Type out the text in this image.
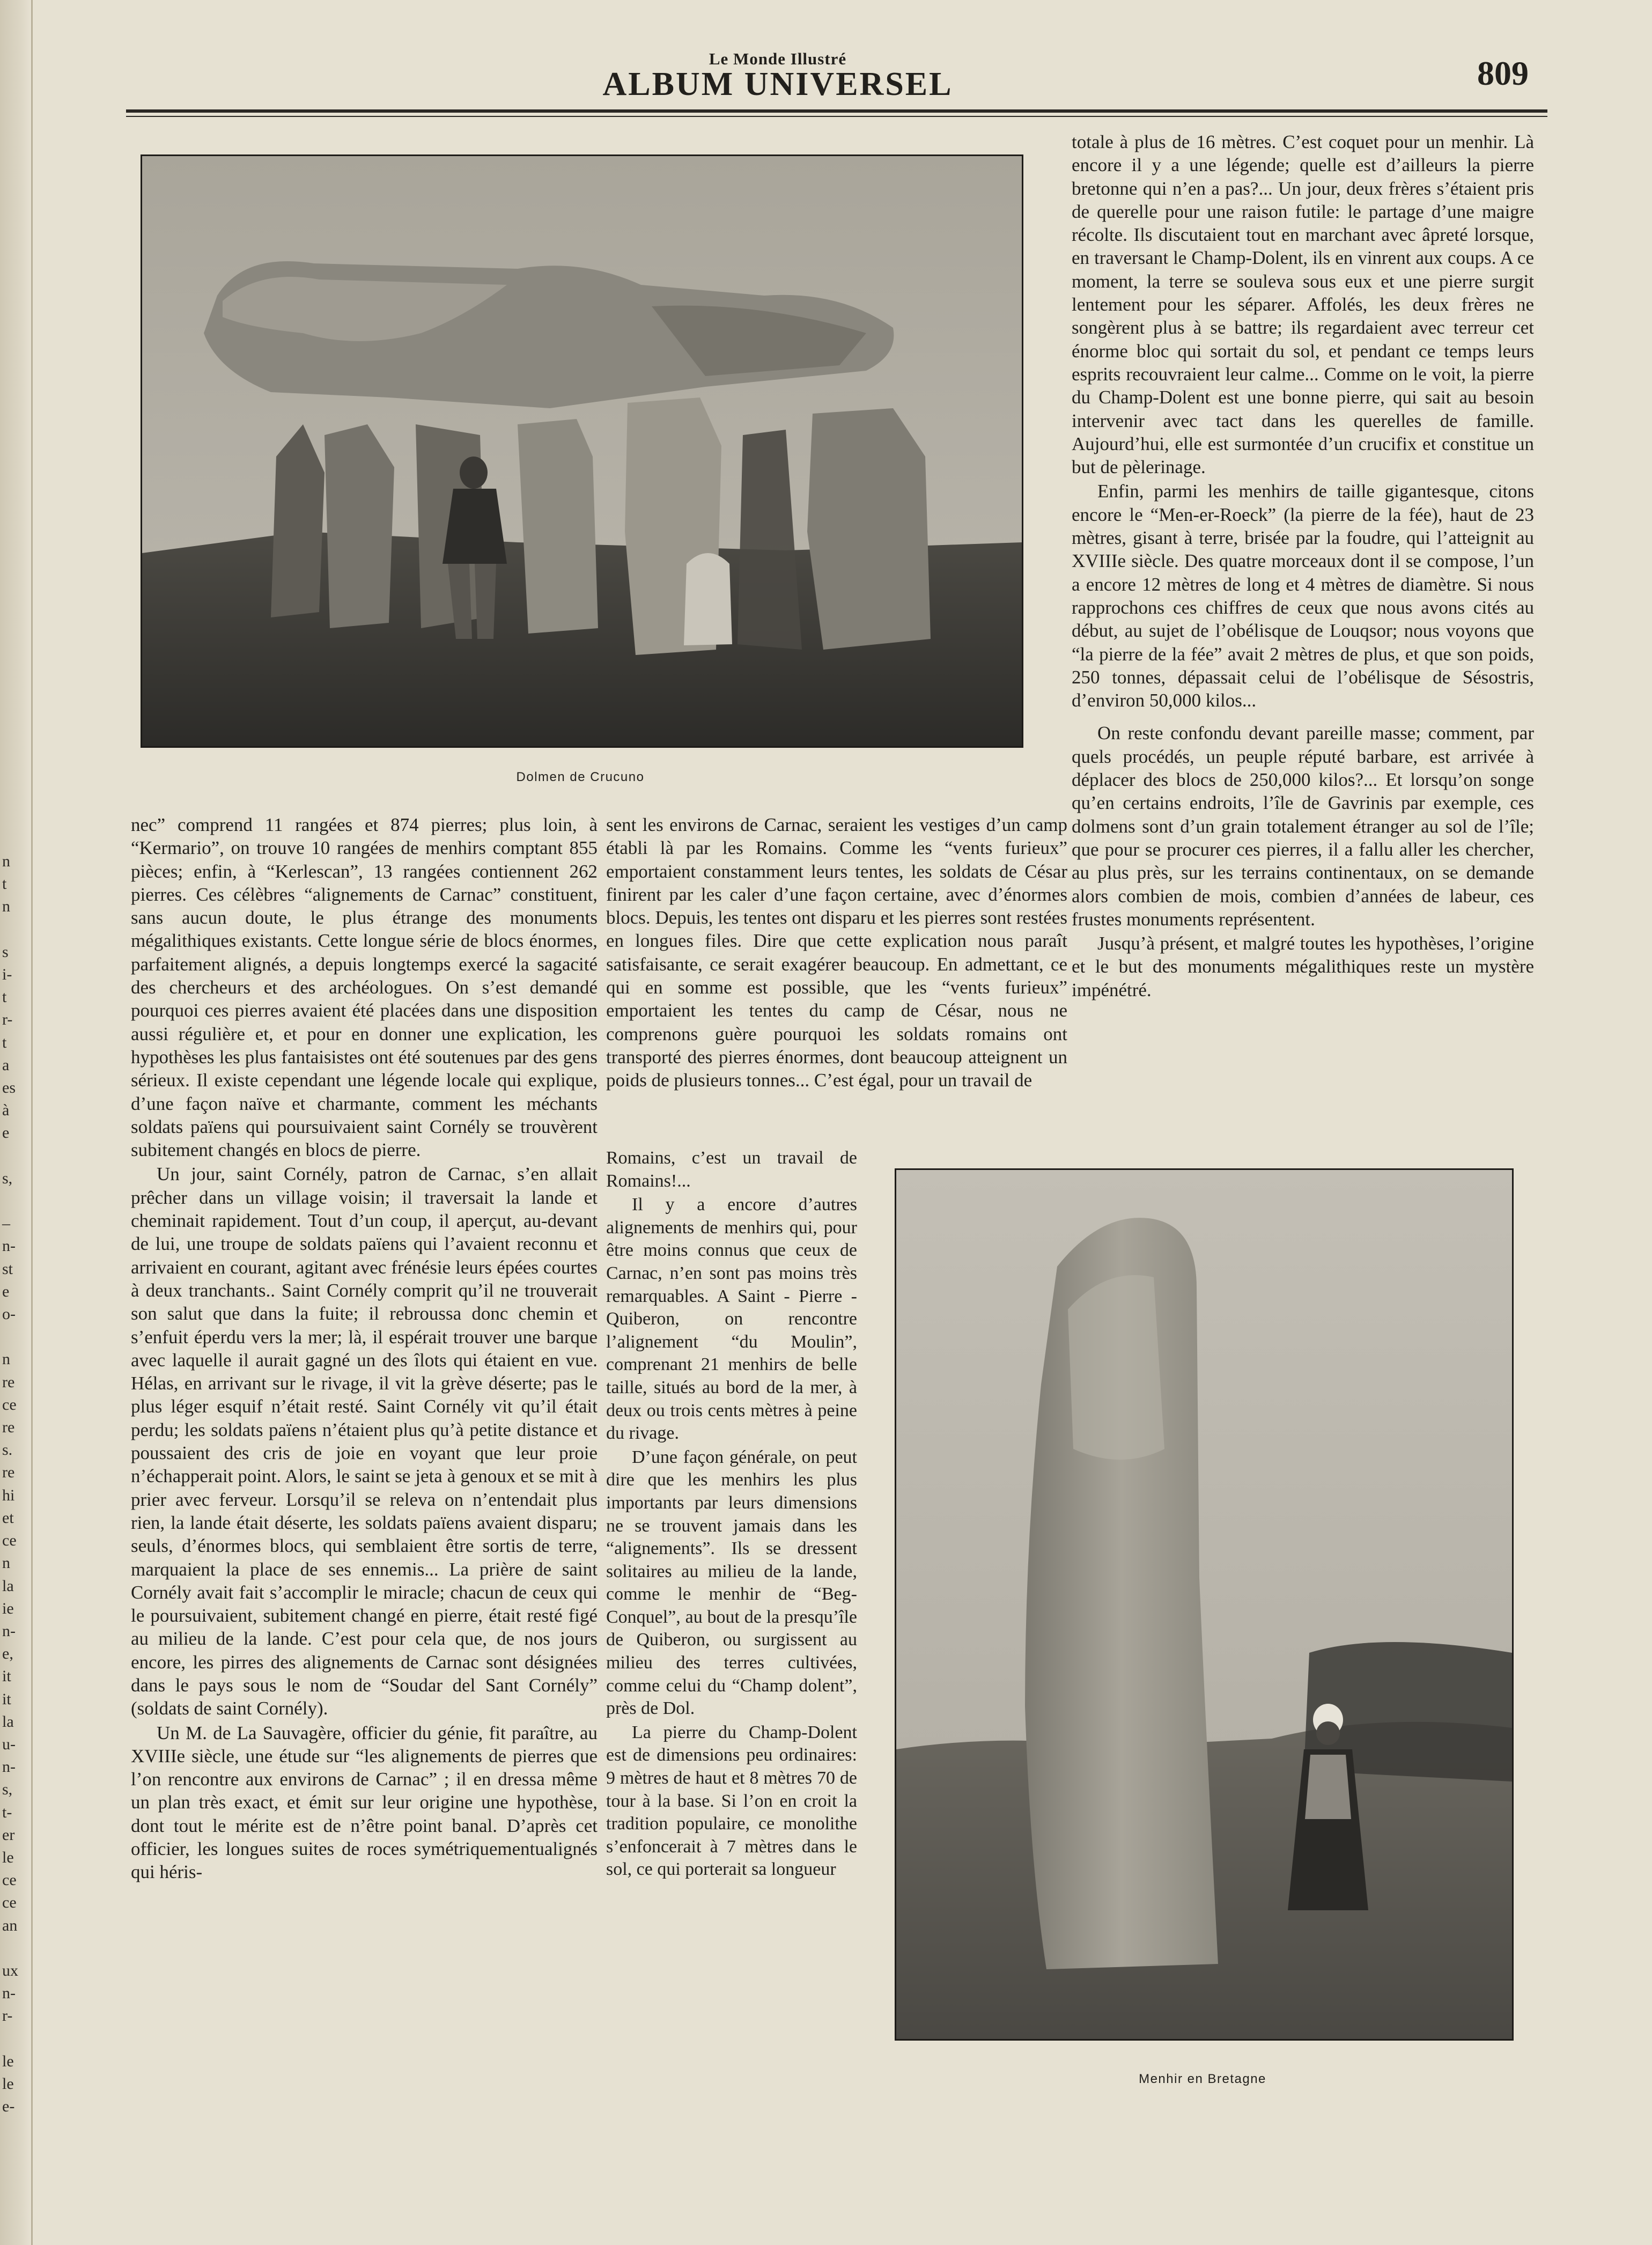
n
t
n

s
i-
t
r-
t
a
es
à
e

s,

–
n-
st
e
o-

n
re
ce
re
s.
re
hi
et
ce
n
la
ie
n-
e,
it
it
la
u-
n-
s,
t-
er
le
ce
ce
an

ux
n-
r-

le
le
e-
Le Monde Illustré
ALBUM UNIVERSEL	809
Dolmen de Crucuno
Menhir en Bretagne

nec” comprend 11 rangées et 874 pierres; plus loin, à “Kermario”, on trouve 10 rangées de menhirs comptant 855 pièces; enfin, à “Kerlescan”, 13 rangées contiennent 262 pierres. Ces célèbres “alignements de Carnac” constituent, sans aucun doute, le plus étrange des monuments mégalithiques existants. Cette longue série de blocs énormes, parfaitement alignés, a depuis longtemps exercé la sagacité des chercheurs et des archéologues. On s’est demandé pourquoi ces pierres avaient été placées dans une disposition aussi régulière et, et pour en donner une explication, les hypothèses les plus fantaisistes ont été soutenues par des gens sérieux. Il existe cependant une légende locale qui explique, d’une façon naïve et charmante, comment les méchants soldats païens qui poursuivaient saint Cornély se trouvèrent subitement changés en blocs de pierre.

Un jour, saint Cornély, patron de Carnac, s’en allait prêcher dans un village voisin; il traversait la lande et cheminait rapidement. Tout d’un coup, il aperçut, au-devant de lui, une troupe de soldats païens qui l’avaient reconnu et arrivaient en courant, agitant avec frénésie leurs épées courtes à deux tranchants.. Saint Cornély comprit qu’il ne trouverait son salut que dans la fuite; il rebroussa donc chemin et s’enfuit éperdu vers la mer; là, il espérait trouver une barque avec laquelle il aurait gagné un des îlots qui étaient en vue. Hélas, en arrivant sur le rivage, il vit la grève déserte; pas le plus léger esquif n’était resté. Saint Cornély vit qu’il était perdu; les soldats païens n’étaient plus qu’à petite distance et poussaient des cris de joie en voyant que leur proie n’échapperait point. Alors, le saint se jeta à genoux et se mit à prier avec ferveur. Lorsqu’il se releva on n’entendait plus rien, la lande était déserte, les soldats païens avaient disparu; seuls, d’énormes blocs, qui semblaient être sortis de terre, marquaient la place de ses ennemis... La prière de saint Cornély avait fait s’accomplir le miracle; chacun de ceux qui le poursuivaient, subitement changé en pierre, était resté figé au milieu de la lande. C’est pour cela que, de nos jours encore, les pirres des alignements de Carnac sont désignées dans le pays sous le nom de “Soudar del Sant Cornély” (soldats de saint Cornély).

Un M. de La Sauvagère, officier du génie, fit paraître, au XVIIIe siècle, une étude sur “les alignements de pierres que l’on rencontre aux environs de Carnac” ; il en dressa même un plan très exact, et émit sur leur origine une hypothèse, dont tout le mérite est de n’être point banal. D’après cet officier, les longues suites de roces symétriquementualignés qui héris-

sent les environs de Carnac, seraient les vestiges d’un camp établi là par les Romains. Comme les “vents furieux” emportaient constamment leurs tentes, les soldats de César finirent par les caler d’une façon certaine, avec d’énormes blocs. Depuis, les tentes ont disparu et les pierres sont restées en longues files. Dire que cette explication nous paraît satisfaisante, ce serait exagérer beaucoup. En admettant, ce qui en somme est possible, que les “vents furieux” emportaient les tentes du camp de César, nous ne comprenons guère pourquoi les soldats romains ont transporté des pierres énormes, dont beaucoup atteignent un poids de plusieurs tonnes... C’est égal, pour un travail de

Romains, c’est un travail de Romains!...

Il y a encore d’autres alignements de menhirs qui, pour être moins connus que ceux de Carnac, n’en sont pas moins très remarquables. A Saint - Pierre - Quiberon, on rencontre l’alignement “du Moulin”, comprenant 21 menhirs de belle taille, situés au bord de la mer, à deux ou trois cents mètres à peine du rivage.

D’une façon générale, on peut dire que les menhirs les plus importants par leurs dimensions ne se trouvent jamais dans les “alignements”. Ils se dressent solitaires au milieu de la lande, comme le menhir de “Beg-Conquel”, au bout de la presqu’île de Quiberon, ou surgissent au milieu des terres cultivées, comme celui du “Champ dolent”, près de Dol.

La pierre du Champ-Dolent est de dimensions peu ordinaires: 9 mètres de haut et 8 mètres 70 de tour à la base. Si l’on en croit la tradition populaire, ce monolithe s’enfoncerait à 7 mètres dans le sol, ce qui porterait sa longueur

totale à plus de 16 mètres. C’est coquet pour un menhir. Là encore il y a une légende; quelle est d’ailleurs la pierre bretonne qui n’en a pas?... Un jour, deux frères s’étaient pris de querelle pour une raison futile: le partage d’une maigre récolte. Ils discutaient tout en marchant avec âpreté lorsque, en traversant le Champ-Dolent, ils en vinrent aux coups. A ce moment, la terre se souleva sous eux et une pierre surgit lentement pour les séparer. Affolés, les deux frères ne songèrent plus à se battre; ils regardaient avec terreur cet énorme bloc qui sortait du sol, et pendant ce temps leurs esprits recouvraient leur calme... Comme on le voit, la pierre du Champ-Dolent est une bonne pierre, qui sait au besoin intervenir avec tact dans les querelles de famille. Aujourd’hui, elle est surmontée d’un crucifix et constitue un but de pèlerinage.

Enfin, parmi les menhirs de taille gigantesque, citons encore le “Men-er-Roeck” (la pierre de la fée), haut de 23 mètres, gisant à terre, brisée par la foudre, qui l’atteignit au XVIIIe siècle. Des quatre morceaux dont il se compose, l’un a encore 12 mètres de long et 4 mètres de diamètre. Si nous rapprochons ces chiffres de ceux que nous avons cités au début, au sujet de l’obélisque de Louqsor; nous voyons que “la pierre de la fée” avait 2 mètres de plus, et que son poids, 250 tonnes, dépassait celui de l’obélisque de Sésostris, d’environ 50,000 kilos...

On reste confondu devant pareille masse; comment, par quels procédés, un peuple réputé barbare, est arrivée à déplacer des blocs de 250,000 kilos?... Et lorsqu’on songe qu’en certains endroits, l’île de Gavrinis par exemple, ces dolmens sont d’un grain totalement étranger au sol de l’île; que pour se procurer ces pierres, il a fallu aller les chercher, au plus près, sur les terrains continentaux, on se demande alors combien de mois, combien d’années de labeur, ces frustes monuments représentent.

Jusqu’à présent, et malgré toutes les hypothèses, l’origine et le but des monuments mégalithiques reste un mystère impénétré.
